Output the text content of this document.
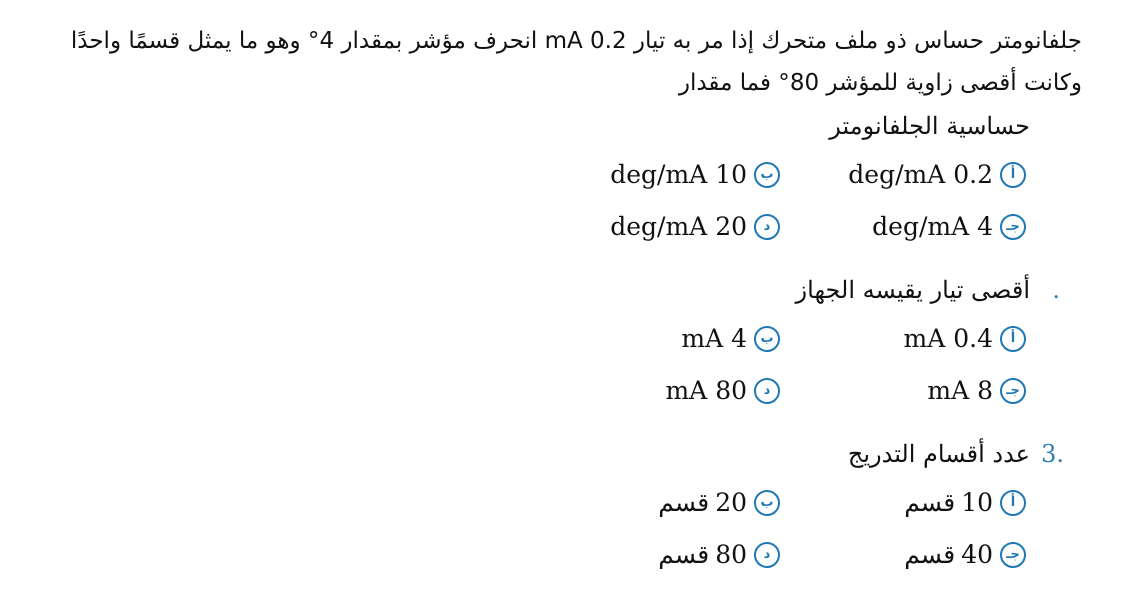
جلفانومتر حساس ذو ملف متحرك إذا مر به تيار 0.2 mA انحرف مؤشر بمقدار 4° وهو ما يمثل قسمًا واحدًا
وكانت أقصى زاوية للمؤشر 80° فما مقدار
حساسية الجلفانومتر
أ
0.2 deg/mA
ب
10 deg/mA
جـ
4 deg/mA
د
20 deg/mA
.
أقصى تيار يقيسه الجهاز
أ
0.4 mA
ب
4 mA
جـ
8 mA
د
80 mA
3.
عدد أقسام التدريج
أ
10
قسم
ب
20
قسم
جـ
40
قسم
د
80
قسم
